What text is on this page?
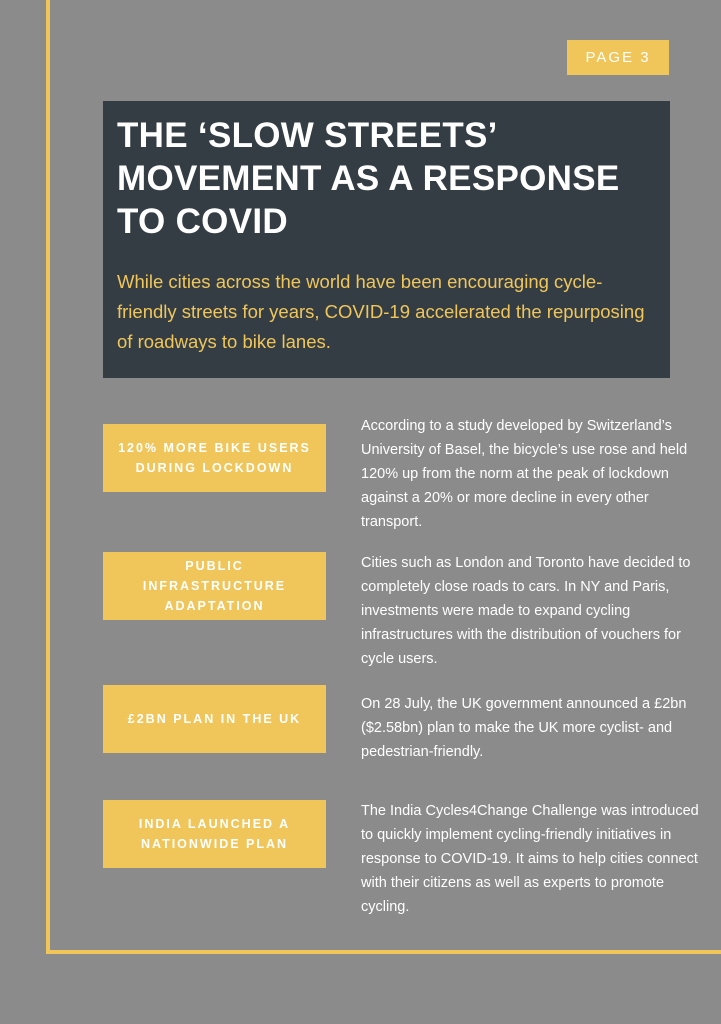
PAGE 3
THE ‘SLOW STREETS’ MOVEMENT AS A RESPONSE TO COVID

While cities across the world have been encouraging cycle-friendly streets for years, COVID-19 accelerated the repurposing of roadways to bike lanes.

120% MORE BIKE USERS DURING LOCKDOWN
According to a study developed by Switzerland’s University of Basel, the bicycle’s use rose and held 120% up from the norm at the peak of lockdown against a 20% or more decline in every other transport.
PUBLIC INFRASTRUCTURE ADAPTATION
Cities such as London and Toronto have decided to completely close roads to cars. In NY and Paris, investments were made to expand cycling infrastructures with the distribution of vouchers for cycle users.
£2BN PLAN IN THE UK
On 28 July, the UK government announced a £2bn ($2.58bn) plan to make the UK more cyclist- and pedestrian-friendly.
INDIA LAUNCHED A NATIONWIDE PLAN
The India Cycles4Change Challenge was introduced to quickly implement cycling-friendly initiatives in response to COVID-19. It aims to help cities connect with their citizens as well as experts to promote cycling.
